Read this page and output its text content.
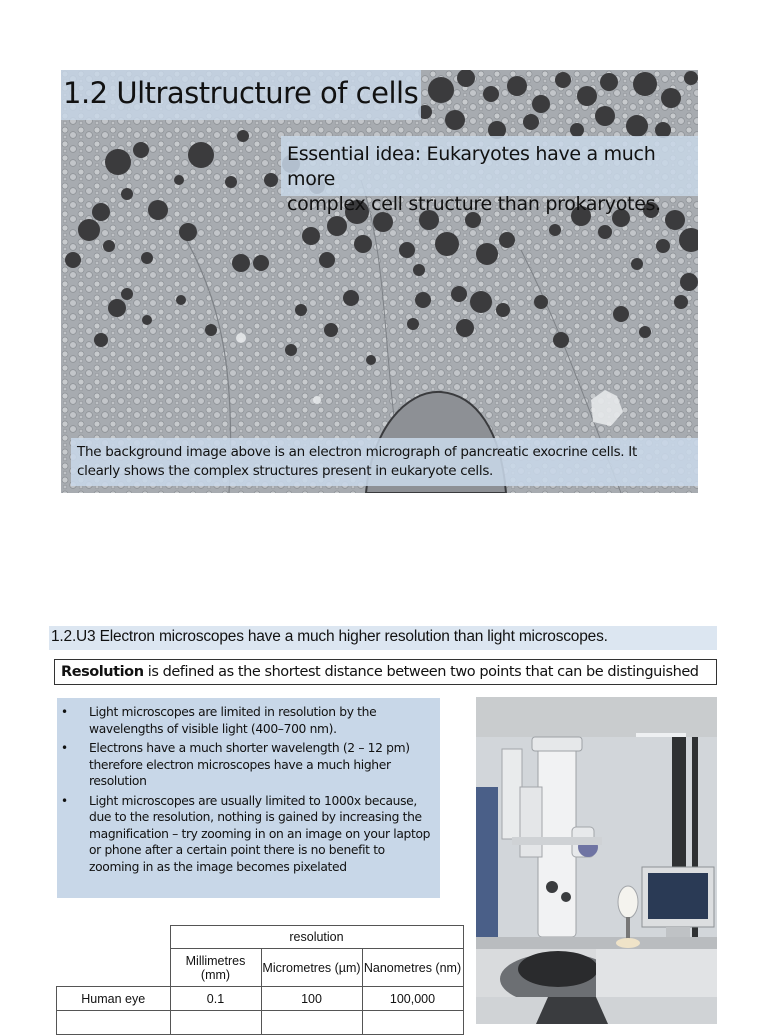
1.2 Ultrastructure of cells
Essential idea: Eukaryotes have a much more
complex cell structure than prokaryotes.
The background image above is an electron micrograph of pancreatic exocrine cells. It
clearly shows the complex structures present in eukaryote cells.
1.2.U3 Electron microscopes have a much higher resolution than light microscopes.
Resolution is defined as the shortest distance between two points that can be distinguished
• Light microscopes are limited in resolution by the wavelengths of visible light (400–700 nm).
• Electrons have a much shorter wavelength (2 – 12 pm) therefore electron microscopes have a much higher resolution
• Light microscopes are usually limited to 1000x because, due to the resolution, nothing is gained by increasing the magnification – try zooming in on an image on your laptop or phone after a certain point there is no benefit to zooming in as the image becomes pixelated
	resolution		
	Millimetres (mm)	Micrometres (µm)	Nanometres (nm)
Human eye	0.1	100	100,000
